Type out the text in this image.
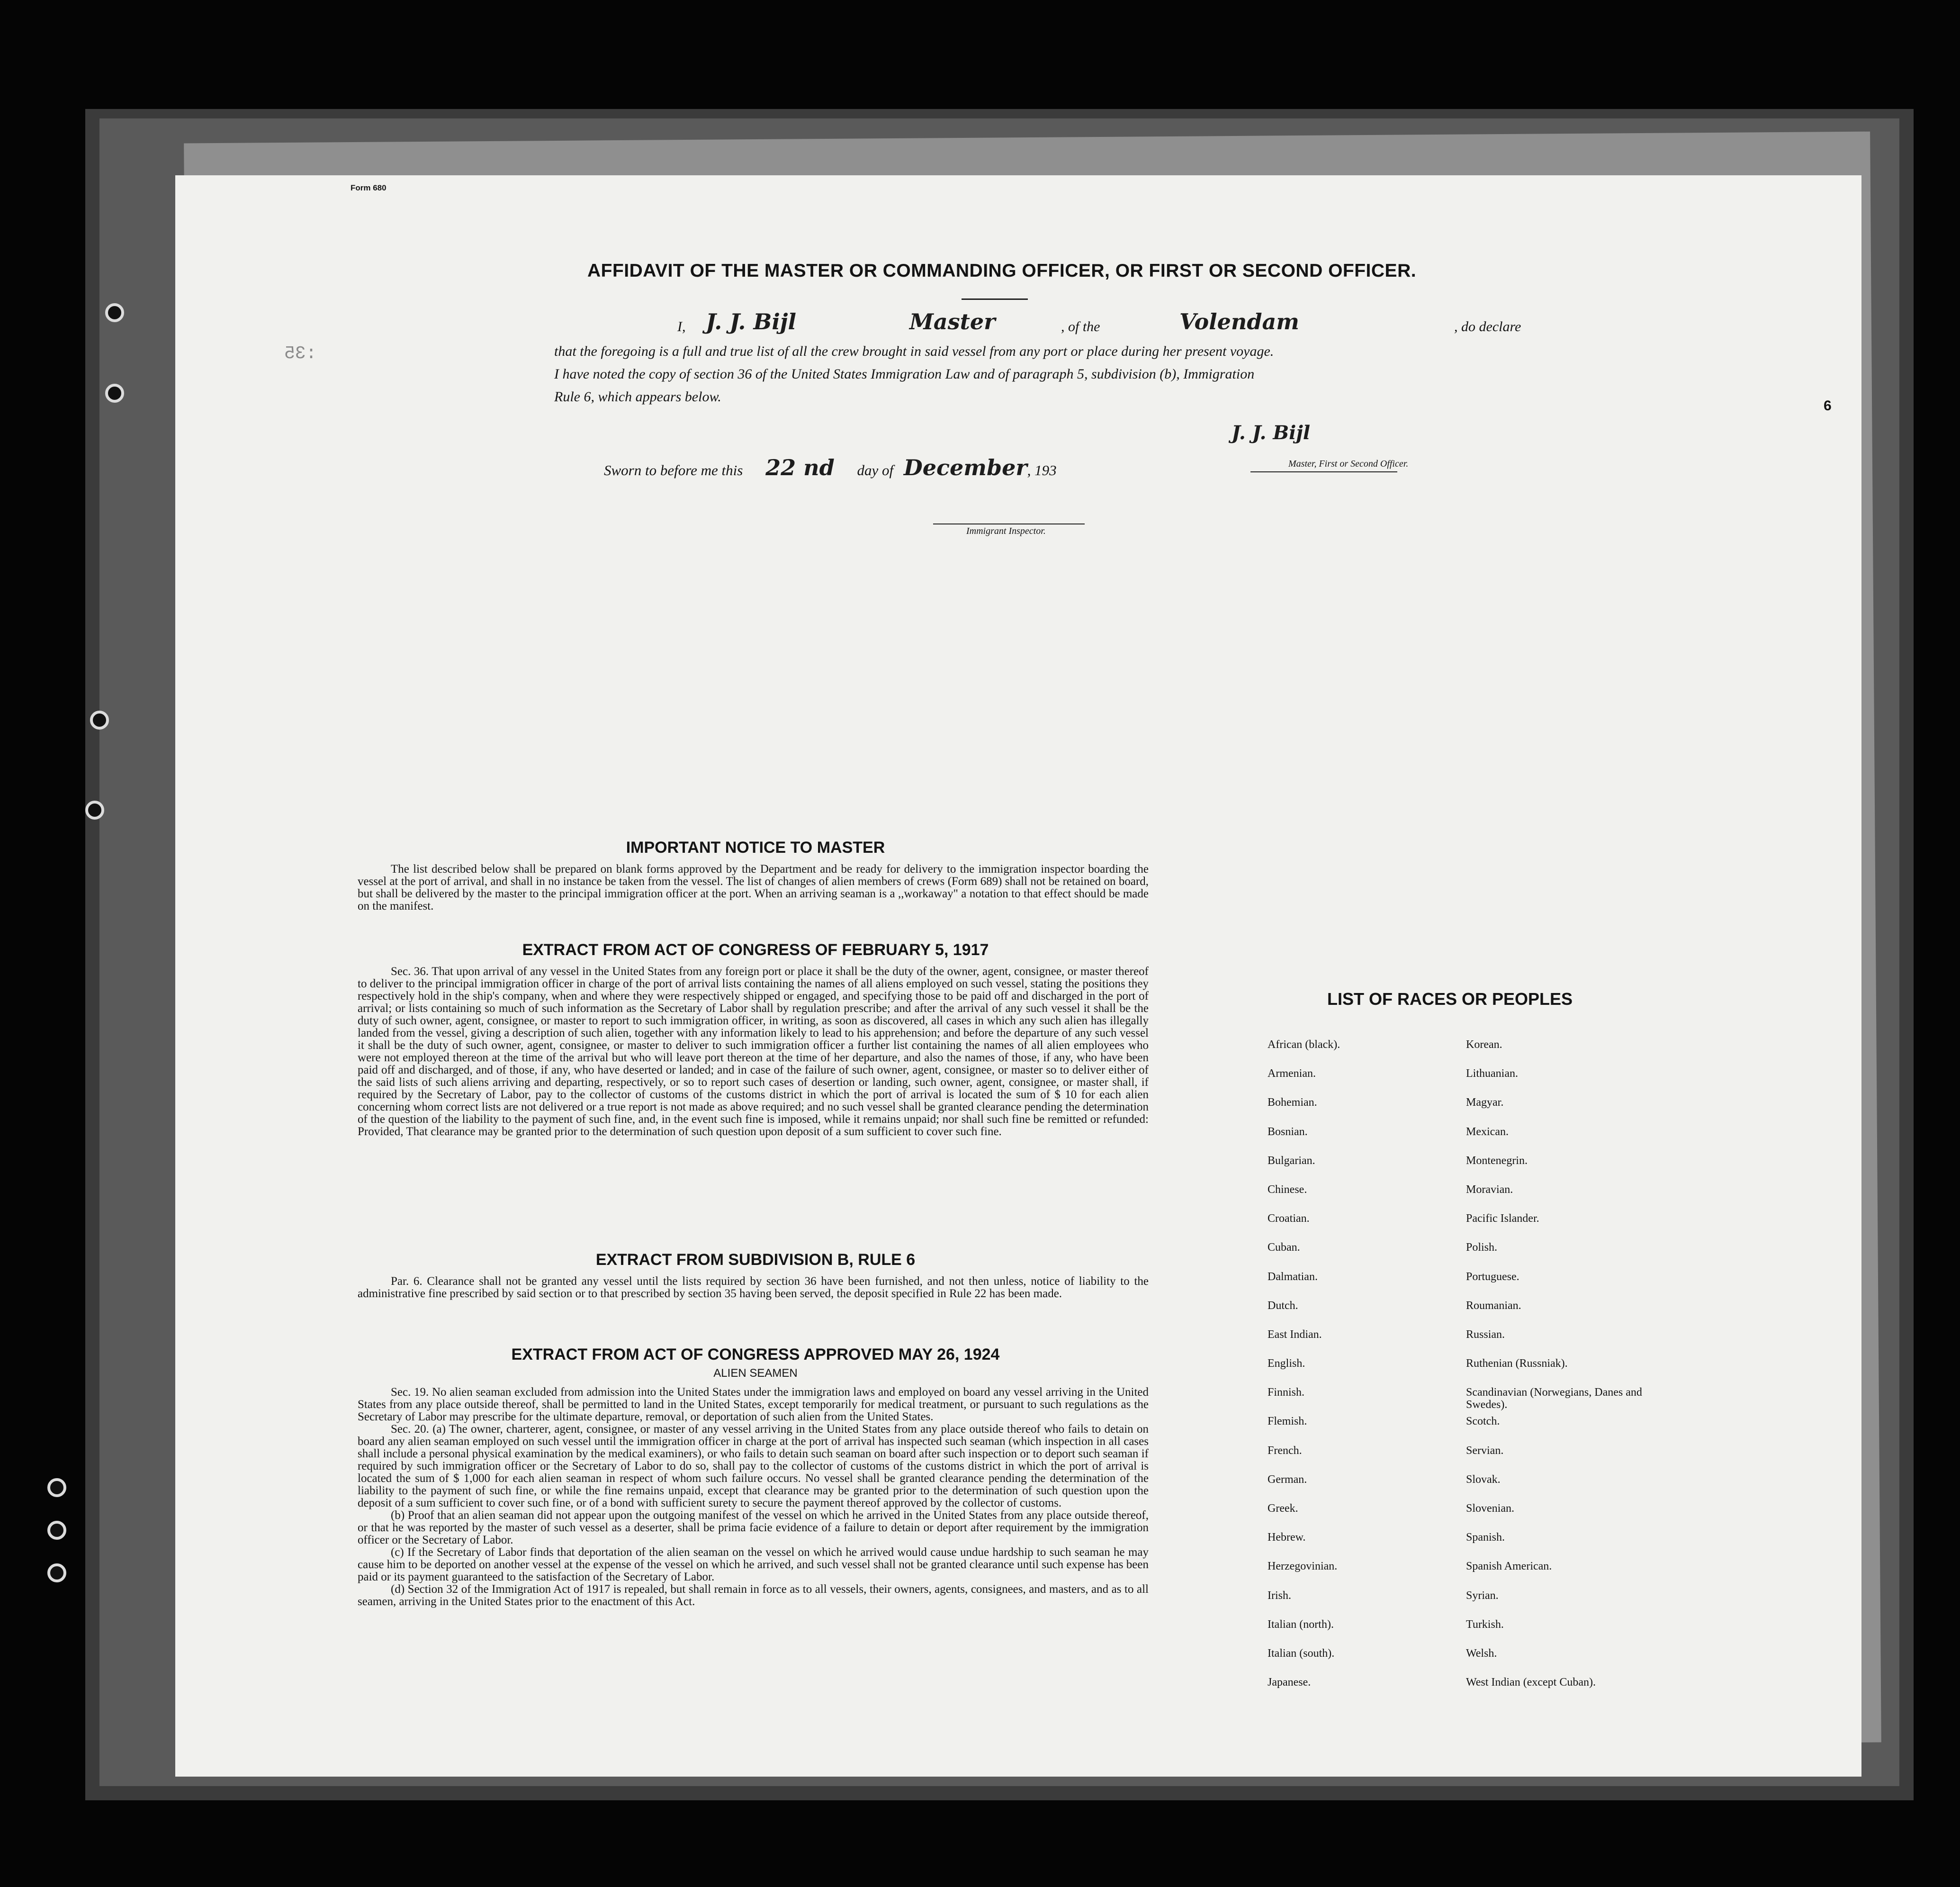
Form 680
:35
AFFIDAVIT OF THE MASTER OR COMMANDING OFFICER, OR FIRST OR SECOND OFFICER.
I, J. J. Bijl	Master	, of the	Volendam	, do declare
that the foregoing is a full and true list of all the crew brought in said vessel from any port or place during her present voyage.
I have noted the copy of section 36 of the United States Immigration Law and of paragraph 5, subdivision (b), Immigration
Rule 6, which appears below.
Sworn to before me this 22 nd day of December, 193
J. J. Bijl
Master, First or Second Officer.
Immigrant Inspector.
6
IMPORTANT NOTICE TO MASTER

The list described below shall be prepared on blank forms approved by the Department and be ready for delivery to the immigration inspector boarding the vessel at the port of arrival, and shall in no instance be taken from the vessel. The list of changes of alien members of crews (Form 689) shall not be retained on board, but shall be delivered by the master to the principal immigration officer at the port. When an arriving seaman is a ,,workaway" a notation to that effect should be made on the manifest.

EXTRACT FROM ACT OF CONGRESS OF FEBRUARY 5, 1917

Sec. 36. That upon arrival of any vessel in the United States from any foreign port or place it shall be the duty of the owner, agent, consignee, or master thereof to deliver to the principal immigration officer in charge of the port of arrival lists containing the names of all aliens employed on such vessel, stating the positions they respectively hold in the ship's company, when and where they were respectively shipped or engaged, and specifying those to be paid off and discharged in the port of arrival; or lists containing so much of such information as the Secretary of Labor shall by regulation prescribe; and after the arrival of any such vessel it shall be the duty of such owner, agent, consignee, or master to report to such immigration officer, in writing, as soon as discovered, all cases in which any such alien has illegally landed from the vessel, giving a description of such alien, together with any information likely to lead to his apprehension; and before the departure of any such vessel it shall be the duty of such owner, agent, consignee, or master to deliver to such immigration officer a further list containing the names of all alien employees who were not employed thereon at the time of the arrival but who will leave port thereon at the time of her departure, and also the names of those, if any, who have been paid off and discharged, and of those, if any, who have deserted or landed; and in case of the failure of such owner, agent, consignee, or master so to deliver either of the said lists of such aliens arriving and departing, respectively, or so to report such cases of desertion or landing, such owner, agent, consignee, or master shall, if required by the Secretary of Labor, pay to the collector of customs of the customs district in which the port of arrival is located the sum of $ 10 for each alien concerning whom correct lists are not delivered or a true report is not made as above required; and no such vessel shall be granted clearance pending the determination of the question of the liability to the payment of such fine, and, in the event such fine is imposed, while it remains unpaid; nor shall such fine be remitted or refunded: Provided, That clearance may be granted prior to the determination of such question upon deposit of a sum sufficient to cover such fine.

EXTRACT FROM SUBDIVISION B, RULE 6

Par. 6. Clearance shall not be granted any vessel until the lists required by section 36 have been furnished, and not then unless, notice of liability to the administrative fine prescribed by said section or to that prescribed by section 35 having been served, the deposit specified in Rule 22 has been made.

EXTRACT FROM ACT OF CONGRESS APPROVED MAY 26, 1924
ALIEN SEAMEN

Sec. 19. No alien seaman excluded from admission into the United States under the immigration laws and employed on board any vessel arriving in the United States from any place outside thereof, shall be permitted to land in the United States, except temporarily for medical treatment, or pursuant to such regulations as the Secretary of Labor may prescribe for the ultimate departure, removal, or deportation of such alien from the United States.

Sec. 20. (a) The owner, charterer, agent, consignee, or master of any vessel arriving in the United States from any place outside thereof who fails to detain on board any alien seaman employed on such vessel until the immigration officer in charge at the port of arrival has inspected such seaman (which inspection in all cases shall include a personal physical examination by the medical examiners), or who fails to detain such seaman on board after such inspection or to deport such seaman if required by such immigration officer or the Secretary of Labor to do so, shall pay to the collector of customs of the customs district in which the port of arrival is located the sum of $ 1,000 for each alien seaman in respect of whom such failure occurs. No vessel shall be granted clearance pending the determination of the liability to the payment of such fine, or while the fine remains unpaid, except that clearance may be granted prior to the determination of such question upon the deposit of a sum sufficient to cover such fine, or of a bond with sufficient surety to secure the payment thereof approved by the collector of customs.

(b) Proof that an alien seaman did not appear upon the outgoing manifest of the vessel on which he arrived in the United States from any place outside thereof, or that he was reported by the master of such vessel as a deserter, shall be prima facie evidence of a failure to detain or deport after requirement by the immigration officer or the Secretary of Labor.

(c) If the Secretary of Labor finds that deportation of the alien seaman on the vessel on which he arrived would cause undue hardship to such seaman he may cause him to be deported on another vessel at the expense of the vessel on which he arrived, and such vessel shall not be granted clearance until such expense has been paid or its payment guaranteed to the satisfaction of the Secretary of Labor.

(d) Section 32 of the Immigration Act of 1917 is repealed, but shall remain in force as to all vessels, their owners, agents, consignees, and masters, and as to all seamen, arriving in the United States prior to the enactment of this Act.

LIST OF RACES OR PEOPLES
African (black).
Armenian.
Bohemian.
Bosnian.
Bulgarian.
Chinese.
Croatian.
Cuban.
Dalmatian.
Dutch.
East Indian.
English.
Finnish.
Flemish.
French.
German.
Greek.
Hebrew.
Herzegovinian.
Irish.
Italian (north).
Italian (south).
Japanese.
Korean.
Lithuanian.
Magyar.
Mexican.
Montenegrin.
Moravian.
Pacific Islander.
Polish.
Portuguese.
Roumanian.
Russian.
Ruthenian (Russniak).
Scandinavian (Norwegians, Danes and Swedes).
Scotch.
Servian.
Slovak.
Slovenian.
Spanish.
Spanish American.
Syrian.
Turkish.
Welsh.
West Indian (except Cuban).
